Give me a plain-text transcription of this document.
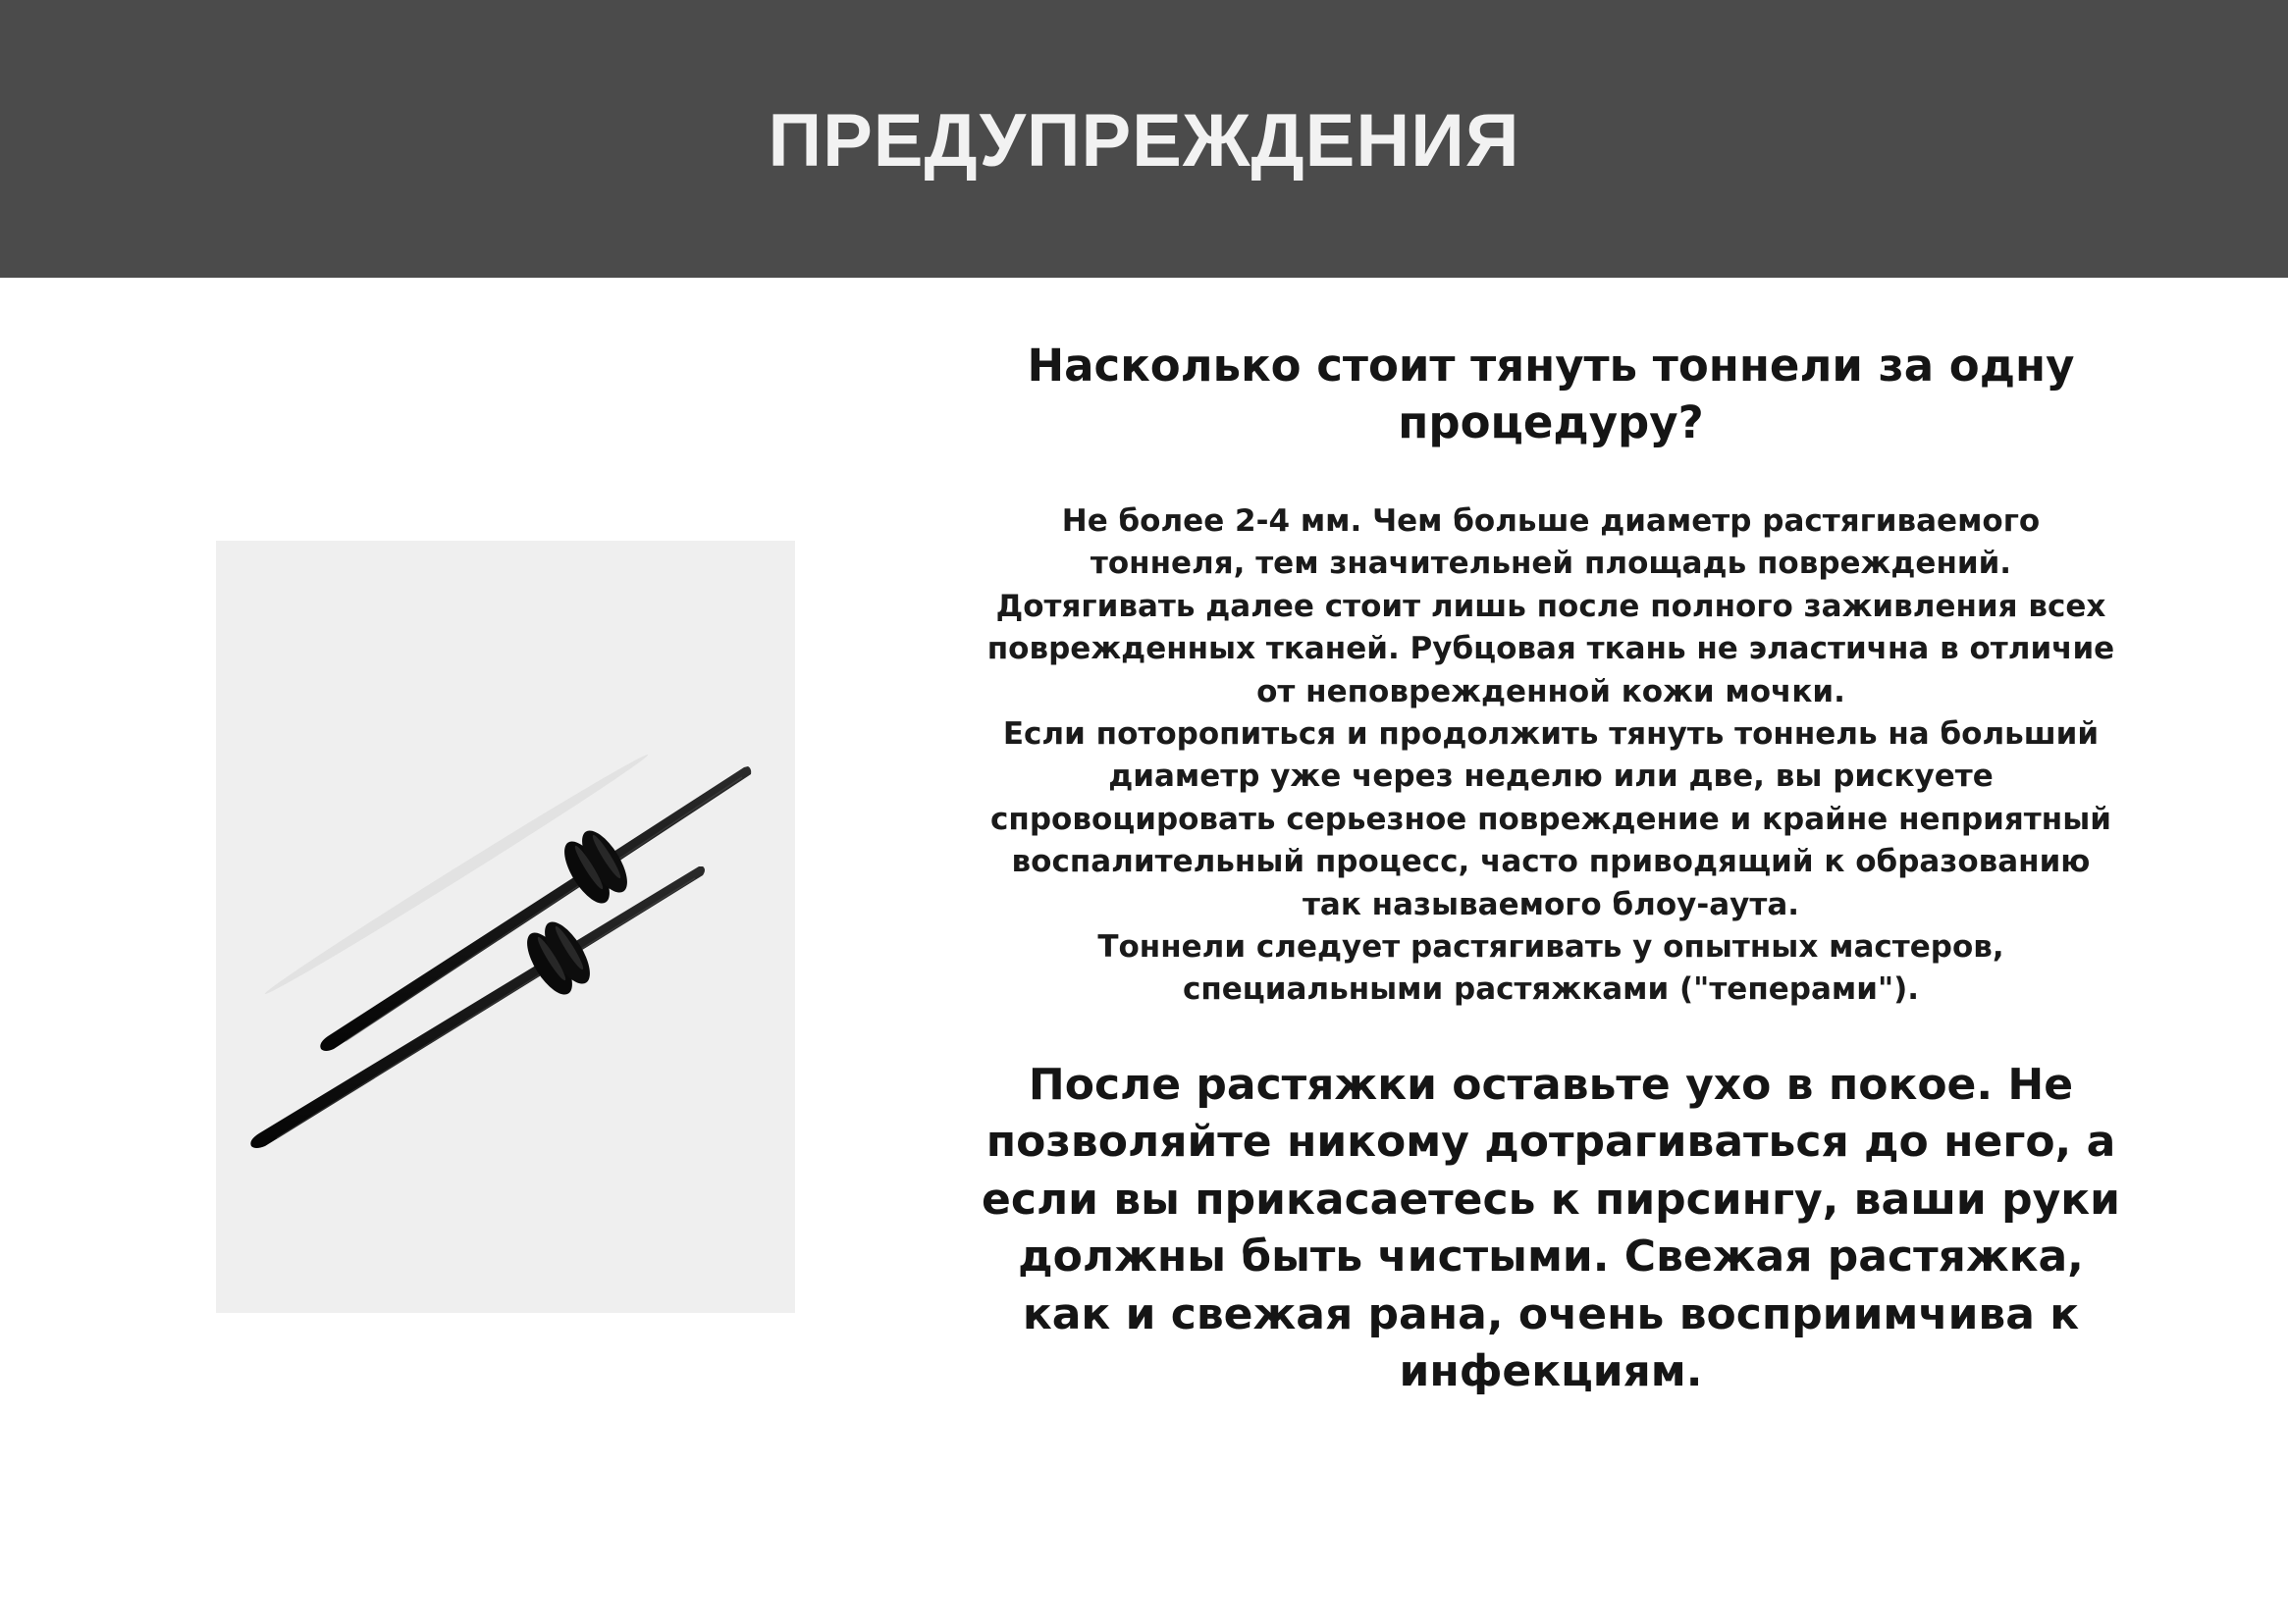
ПРЕДУПРЕЖДЕНИЯ
Насколько стоит тянуть тоннели за одну процедуру?
Не более 2-4 мм. Чем больше диаметр растягиваемого тоннеля, тем значительней площадь повреждений.
Дотягивать далее стоит лишь после полного заживления всех поврежденных тканей. Рубцовая ткань не эластична в отличие от неповрежденной кожи мочки.
Если поторопиться и продолжить тянуть тоннель на больший диаметр уже через неделю или две, вы рискуете спровоцировать серьезное повреждение и крайне неприятный воспалительный процесс, часто приводящий к образованию так называемого блоу-аута.
Тоннели следует растягивать у опытных мастеров, специальными растяжками ("теперами").

После растяжки оставьте ухо в покое. Не позволяйте никому дотрагиваться до него, а если вы прикасаетесь к пирсингу, ваши руки должны быть чистыми. Свежая растяжка, как и свежая рана, очень восприимчива к инфекциям.
